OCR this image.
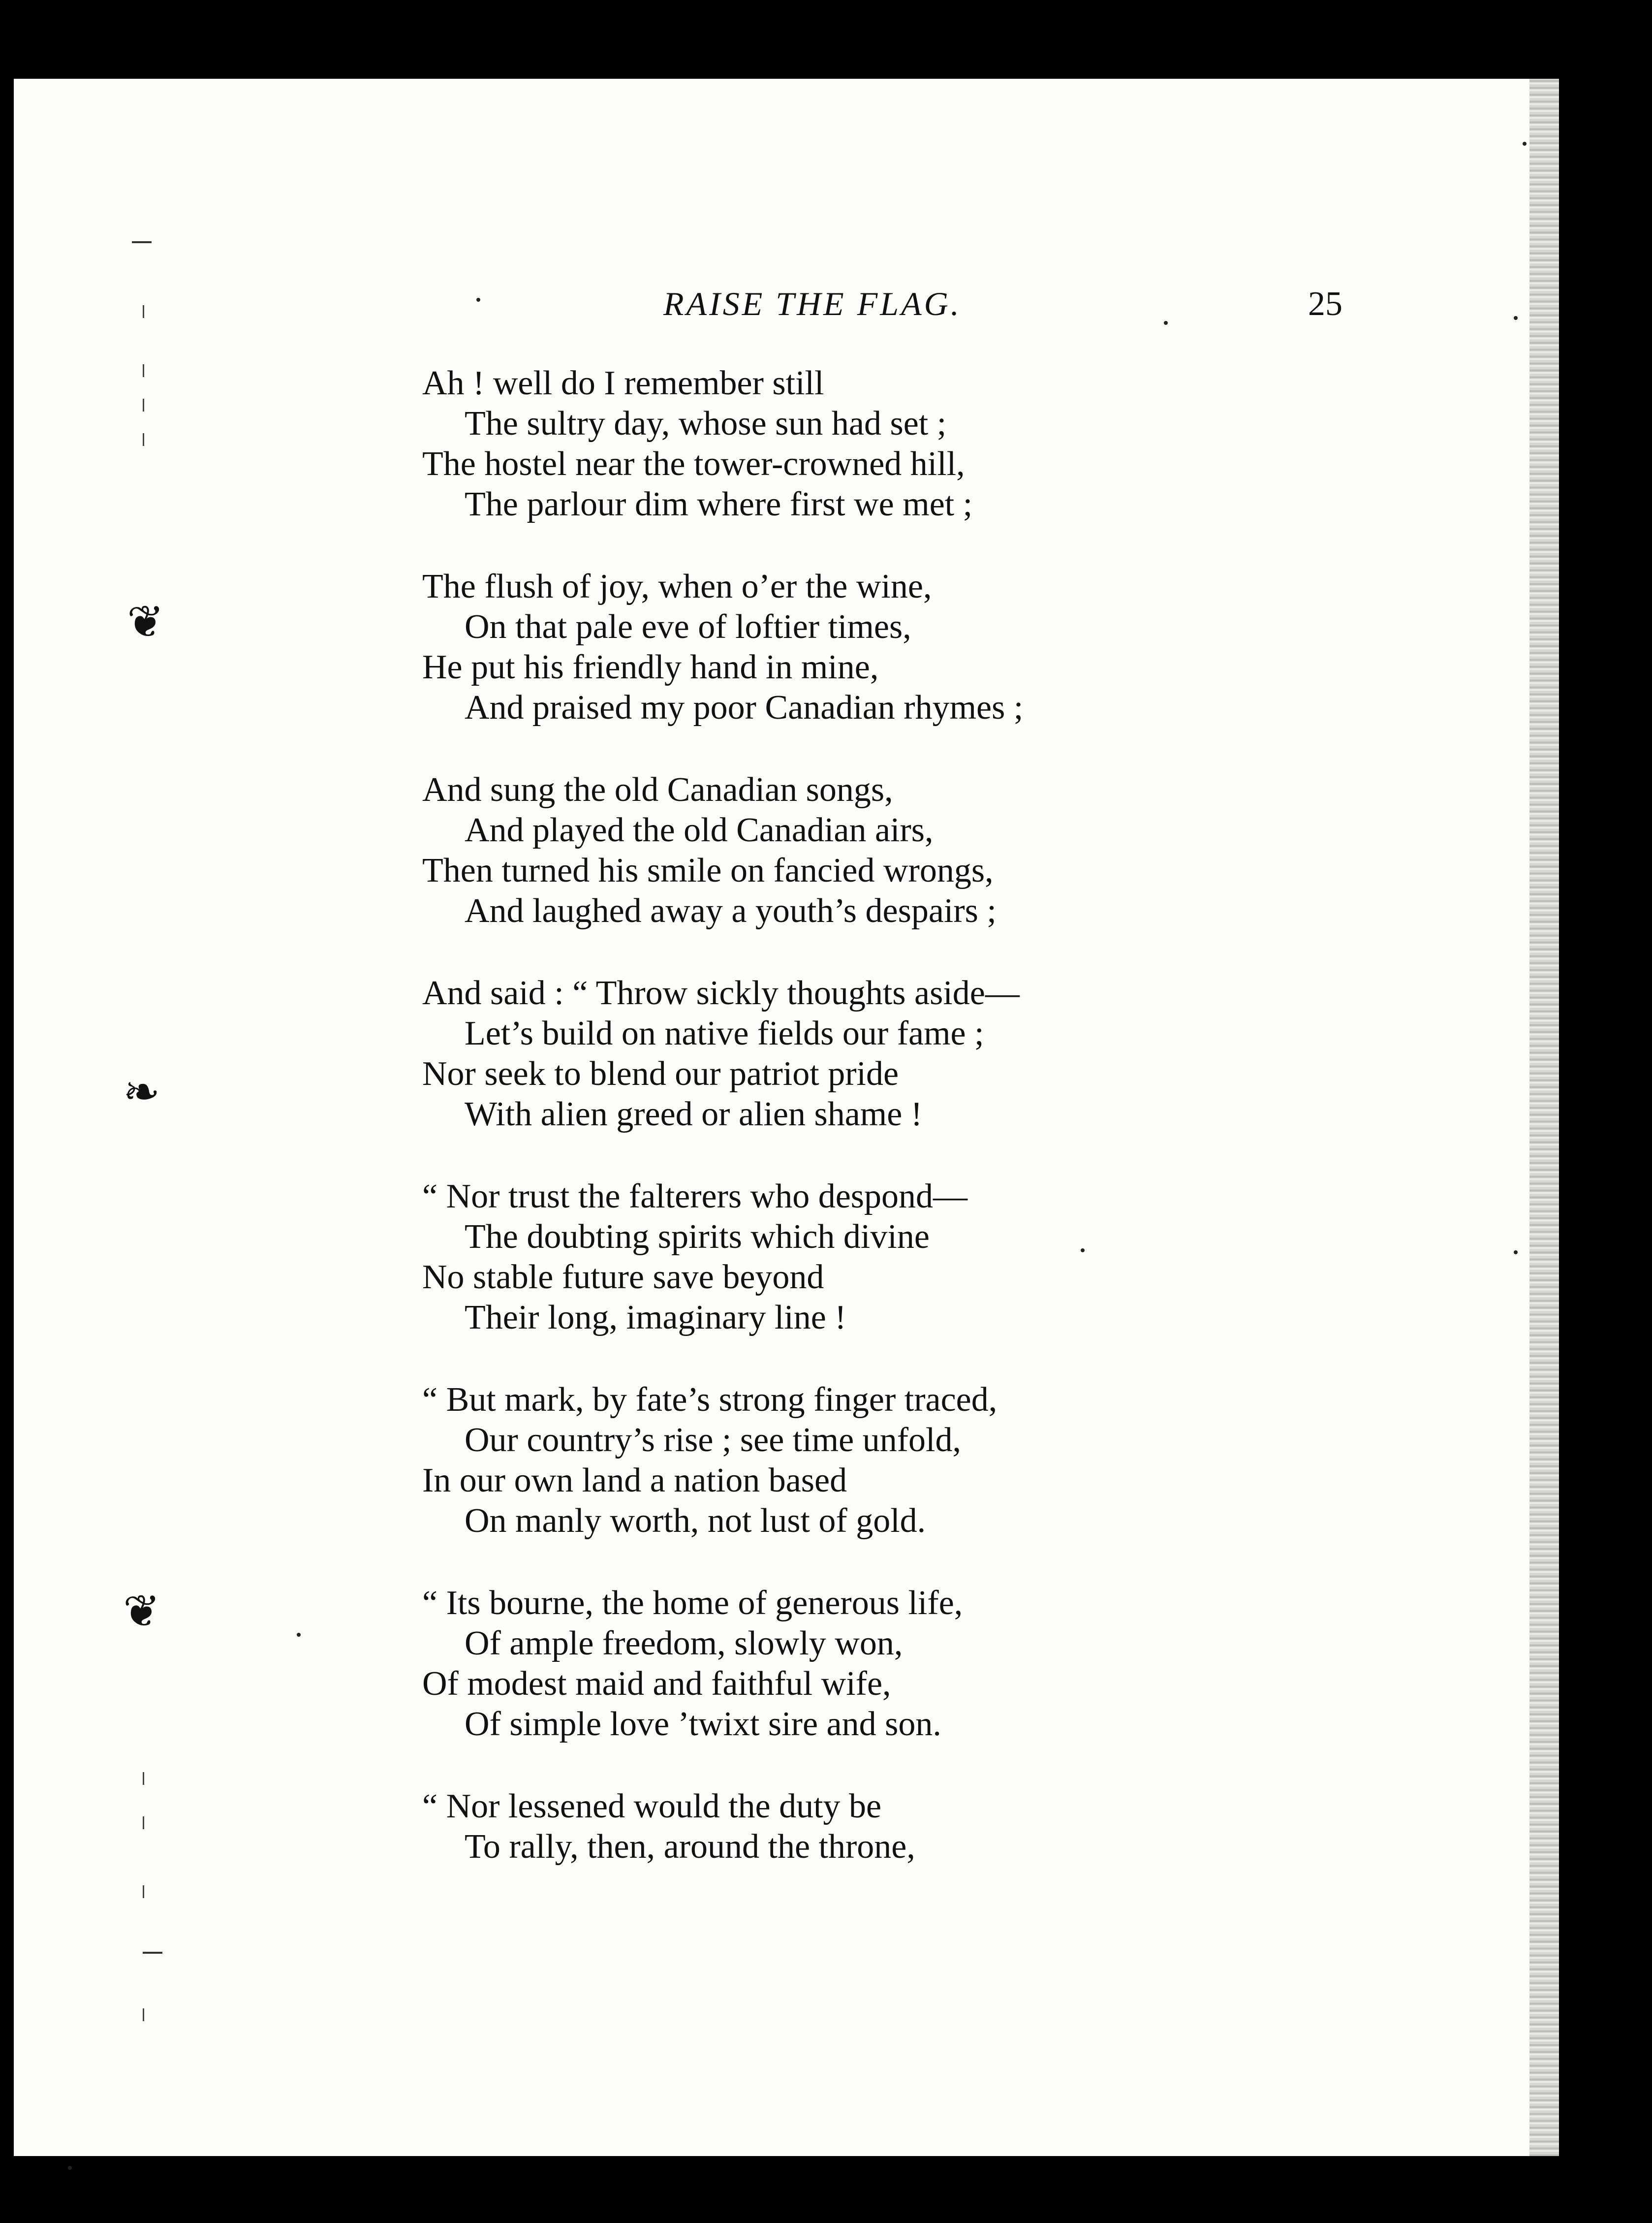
❦
❧
❦
RAISE THE FLAG.	25
Ah ! well do I remember still
The sultry day, whose sun had set ;
The hostel near the tower-crowned hill,
The parlour dim where first we met ;
The flush of joy, when o’er the wine,
On that pale eve of loftier times,
He put his friendly hand in mine,
And praised my poor Canadian rhymes ;
And sung the old Canadian songs,
And played the old Canadian airs,
Then turned his smile on fancied wrongs,
And laughed away a youth’s despairs ;
And said : “ Throw sickly thoughts aside—
Let’s build on native fields our fame ;
Nor seek to blend our patriot pride
With alien greed or alien shame !
“ Nor trust the falterers who despond—
The doubting spirits which divine
No stable future save beyond
Their long, imaginary line !
“ But mark, by fate’s strong finger traced,
Our country’s rise ; see time unfold,
In our own land a nation based
On manly worth, not lust of gold.
“ Its bourne, the home of generous life,
Of ample freedom, slowly won,
Of modest maid and faithful wife,
Of simple love ’twixt sire and son.
“ Nor lessened would the duty be
To rally, then, around the throne,
